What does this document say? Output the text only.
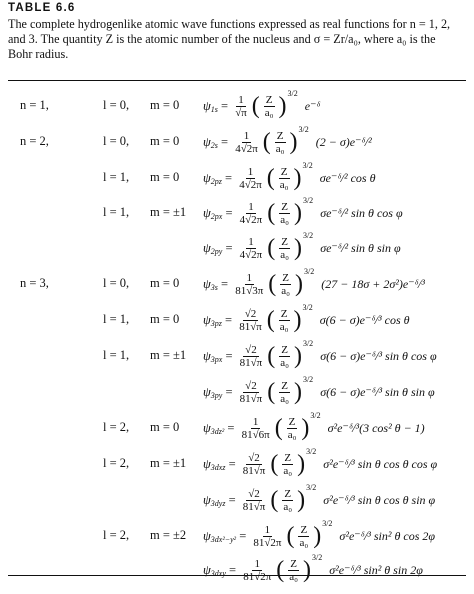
TABLE 6.6
The complete hydrogenlike atomic wave functions expressed as real functions for n = 1, 2,
and 3. The quantity Z is the atomic number of the nucleus and σ = Zr/a₀, where a₀ is the
Bohr radius.
n = 1,	l = 0,	m = 0	ψ $1s = \frac{1}{√\pi}$ ( $\frac{Z}{\text{a₀}}$ ) 3/2
e⁻ᵟ
n = 2,	l = 0,	m = 0	ψ $2s = \frac{1}{4√2\pi}$ ( $\frac{Z}{\text{a₀}}$ ) 3/2
(2 − σ)e⁻ᵟ/²
l = 1,	m = 0	ψ $2pz = \frac{1}{4√2\pi}$ ( $\frac{Z}{\text{a₀}}$ ) 3/2
σe⁻ᵟ/² cos θ
l = 1,	m = ±1	ψ $2px = \frac{1}{4√2\pi}$ ( $\frac{Z}{\text{a₀}}$ ) 3/2
σe⁻ᵟ/² sin θ cos φ
ψ $2py = \frac{1}{4√2\pi}$ ( $\frac{Z}{\text{a₀}}$ ) 3/2
σe⁻ᵟ/² sin θ sin φ
n = 3,	l = 0,	m = 0	ψ $3s = \frac{1}{81√3\pi}$ ( $\frac{Z}{\text{a₀}}$ ) 3/2
(27 − 18σ + 2σ²)e⁻ᵟ/³
l = 1,	m = 0	ψ $3pz = \frac{√2}{81√\pi}$ ( $\frac{Z}{\text{a₀}}$ ) 3/2
σ(6 − σ)e⁻ᵟ/³ cos θ
l = 1,	m = ±1	ψ $3px = \frac{√2}{81√\pi}$ ( $\frac{Z}{\text{a₀}}$ ) 3/2
σ(6 − σ)e⁻ᵟ/³ sin θ cos φ
ψ $3py = \frac{√2}{81√\pi}$ ( $\frac{Z}{\text{a₀}}$ ) 3/2
σ(6 − σ)e⁻ᵟ/³ sin θ sin φ
l = 2,	m = 0	ψ $3dz^2 = \frac{1}{81√6\pi}$ ( $\frac{Z}{\text{a₀}}$ ) 3/2
σ²e⁻ᵟ/³(3 cos² θ − 1)
l = 2,	m = ±1	ψ $3dxz = \frac{√2}{81√\pi}$ ( $\frac{Z}{\text{a₀}}$ ) 3/2
σ²e⁻ᵟ/³ sin θ cos θ cos φ
ψ $3dyz = \frac{√2}{81√\pi}$ ( $\frac{Z}{\text{a₀}}$ ) 3/2
σ²e⁻ᵟ/³ sin θ cos θ sin φ
l = 2,	m = ±2	ψ $3dx^2-y^2 = \frac{1}{81√2\pi}$ ( $\frac{Z}{\text{a₀}}$ ) 3/2
σ²e⁻ᵟ/³ sin² θ cos 2φ
ψ $3dxy = \frac{1}{81√2\pi}$ ( $\frac{Z}{\text{a₀}}$ ) 3/2
σ²e⁻ᵟ/³ sin² θ sin 2φ
